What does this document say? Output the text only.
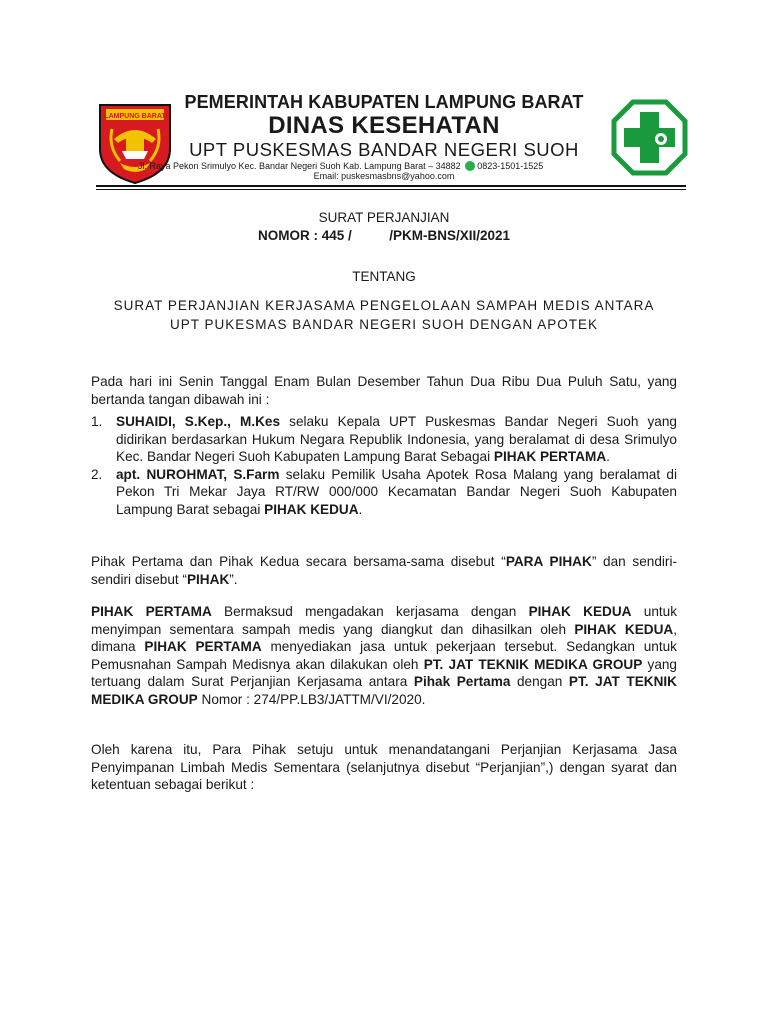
LAMPUNG BARAT
PEMERINTAH KABUPATEN LAMPUNG BARAT
DINAS KESEHATAN
UPT PUSKESMAS BANDAR NEGERI SUOH
Jl. Raya Pekon Srimulyo Kec. Bandar Negeri Suoh Kab. Lampung Barat – 34882 0823-1501-1525
Email: puskesmasbns@yahoo.com
SURAT PERJANJIAN
NOMOR : 445 /          /PKM-BNS/XII/2021
TENTANG
SURAT PERJANJIAN KERJASAMA PENGELOLAAN SAMPAH MEDIS ANTARA
UPT PUKESMAS BANDAR NEGERI SUOH DENGAN APOTEK
Pada hari ini Senin Tanggal Enam Bulan Desember Tahun Dua Ribu Dua Puluh Satu, yang bertanda tangan dibawah ini :
1. SUHAIDI, S.Kep., M.Kes selaku Kepala UPT Puskesmas Bandar Negeri Suoh yang didirikan berdasarkan Hukum Negara Republik Indonesia, yang beralamat di desa Srimulyo Kec. Bandar Negeri Suoh Kabupaten Lampung Barat Sebagai PIHAK PERTAMA.
2. apt. NUROHMAT, S.Farm selaku Pemilik Usaha Apotek Rosa Malang yang beralamat di Pekon Tri Mekar Jaya RT/RW 000/000 Kecamatan Bandar Negeri Suoh Kabupaten Lampung Barat sebagai PIHAK KEDUA.
Pihak Pertama dan Pihak Kedua secara bersama-sama disebut “PARA PIHAK” dan sendiri-sendiri disebut “PIHAK”.
PIHAK PERTAMA Bermaksud mengadakan kerjasama dengan PIHAK KEDUA untuk menyimpan sementara sampah medis yang diangkut dan dihasilkan oleh PIHAK KEDUA, dimana PIHAK PERTAMA menyediakan jasa untuk pekerjaan tersebut. Sedangkan untuk Pemusnahan Sampah Medisnya akan dilakukan oleh PT. JAT TEKNIK MEDIKA GROUP yang tertuang dalam Surat Perjanjian Kerjasama antara Pihak Pertama dengan PT. JAT TEKNIK MEDIKA GROUP Nomor : 274/PP.LB3/JATTM/VI/2020.
Oleh karena itu, Para Pihak setuju untuk menandatangani Perjanjian Kerjasama Jasa Penyimpanan Limbah Medis Sementara (selanjutnya disebut “Perjanjian”,) dengan syarat dan ketentuan sebagai berikut :
